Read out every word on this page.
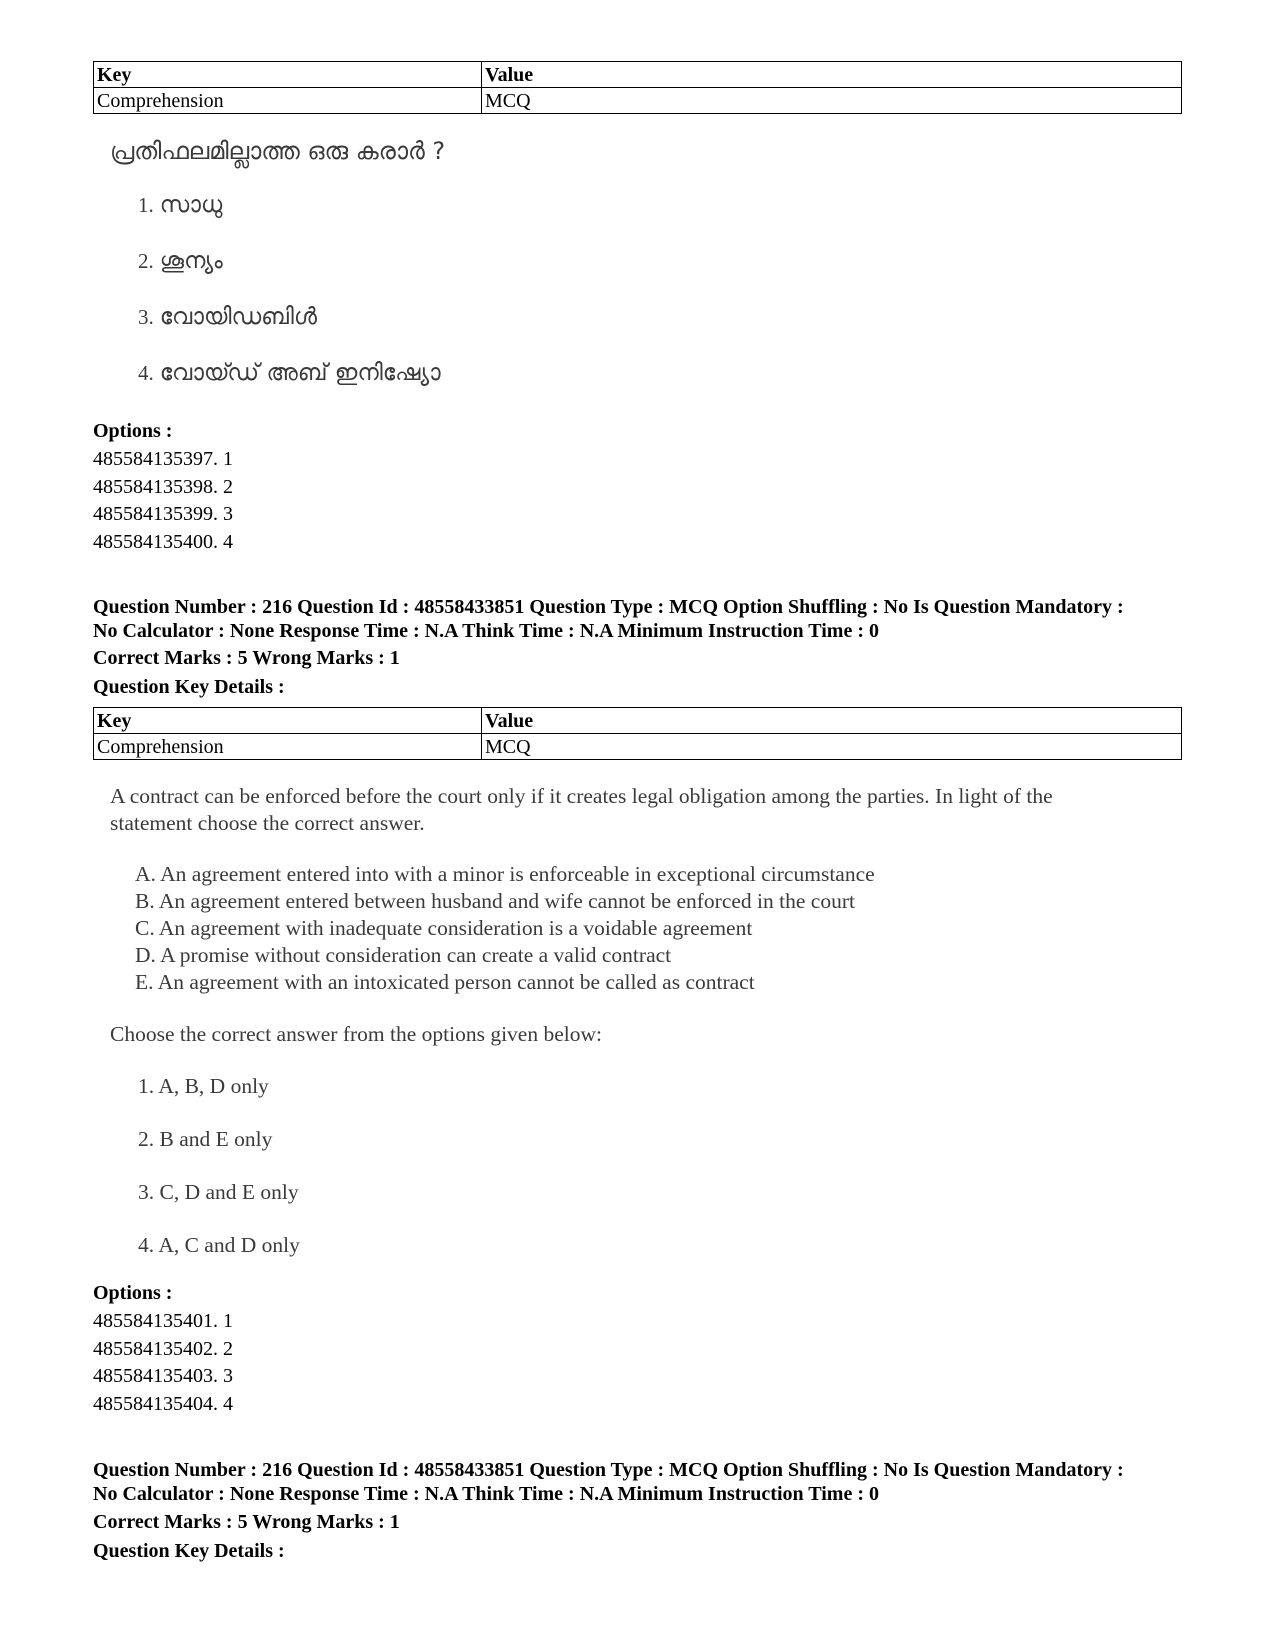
Key	Value
Comprehension	MCQ
പ്രതിഫലമില്ലാത്ത ഒരു കരാർ ?
1. സാധു
2. ശൂന്യം
3. വോയിഡബിൾ
4. വോയ്ഡ് അബ് ഇനിഷ്യോ
Options :
485584135397. 1
485584135398. 2
485584135399. 3
485584135400. 4
Question Number : 216 Question Id : 48558433851 Question Type : MCQ Option Shuffling : No Is Question Mandatory :
No Calculator : None Response Time : N.A Think Time : N.A Minimum Instruction Time : 0
Correct Marks : 5 Wrong Marks : 1
Question Key Details :
Key	Value
Comprehension	MCQ
A contract can be enforced before the court only if it creates legal obligation among the parties. In light of the
statement choose the correct answer.
A. An agreement entered into with a minor is enforceable in exceptional circumstance
B. An agreement entered between husband and wife cannot be enforced in the court
C. An agreement with inadequate consideration is a voidable agreement
D. A promise without consideration can create a valid contract
E. An agreement with an intoxicated person cannot be called as contract
Choose the correct answer from the options given below:
1. A, B, D only
2. B and E only
3. C, D and E only
4. A, C and D only
Options :
485584135401. 1
485584135402. 2
485584135403. 3
485584135404. 4
Question Number : 216 Question Id : 48558433851 Question Type : MCQ Option Shuffling : No Is Question Mandatory :
No Calculator : None Response Time : N.A Think Time : N.A Minimum Instruction Time : 0
Correct Marks : 5 Wrong Marks : 1
Question Key Details :
